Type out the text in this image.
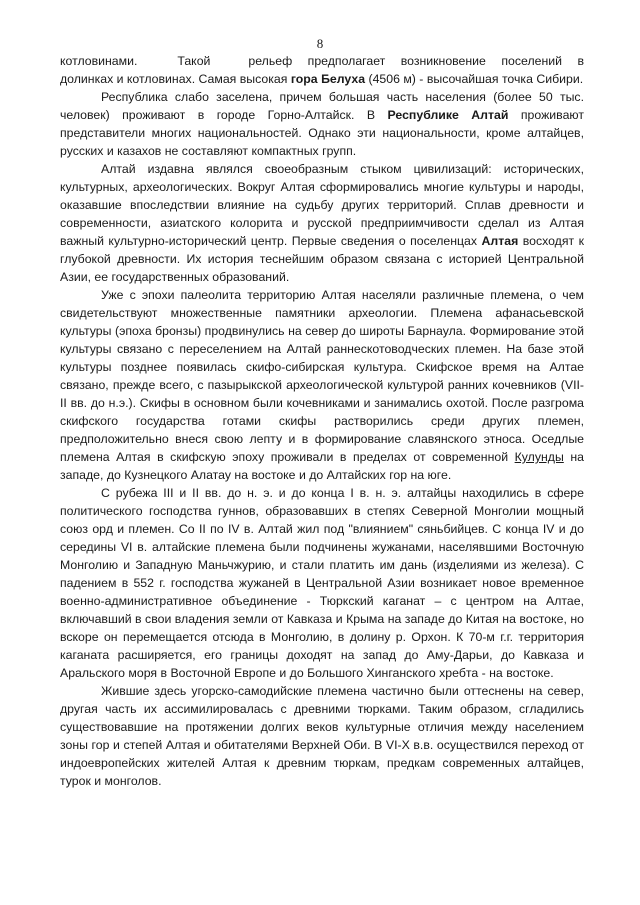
8

котловинами.	Такой	рельеф предполагает возникновение поселений в долинках и котловинах. Самая высокая гора Белуха (4506 м) - высочайшая точка Сибири.

Республика слабо заселена, причем большая часть населения (более 50 тыс. человек) проживают в городе Горно-Алтайск. В Республике Алтай проживают представители многих национальностей. Однако эти национальности, кроме алтайцев, русских и казахов не составляют компактных групп.

Алтай издавна являлся своеобразным стыком цивилизаций: исторических, культурных, археологических. Вокруг Алтая сформировались многие культуры и народы, оказавшие впоследствии влияние на судьбу других территорий. Сплав древности и современности, азиатского колорита и русской предприимчивости сделал из Алтая важный культурно-исторический центр. Первые сведения о поселенцах Алтая восходят к глубокой древности. Их история теснейшим образом связана с историей Центральной Азии, ее государственных образований.

Уже с эпохи палеолита территорию Алтая населяли различные племена, о чем свидетельствуют множественные памятники археологии. Племена афанасьевской культуры (эпоха бронзы) продвинулись на север до широты Барнаула. Формирование этой культуры связано с переселением на Алтай раннескотоводческих племен. На базе этой культуры позднее появилась скифо-сибирская культура. Скифское время на Алтае связано, прежде всего, с пазырыкской археологической культурой ранних кочевников (VII-II вв. до н.э.). Скифы в основном были кочевниками и занимались охотой. После разгрома скифского государства готами скифы растворились среди других племен, предположительно внеся свою лепту и в формирование славянского этноса. Оседлые племена Алтая в скифскую эпоху проживали в пределах от современной Кулунды на западе, до Кузнецкого Алатау на востоке и до Алтайских гор на юге.

С рубежа III и II вв. до н. э. и до конца I в. н. э. алтайцы находились в сфере политического господства гуннов, образовавших в степях Северной Монголии мощный союз орд и племен. Со II по IV в. Алтай жил под "влиянием" сяньбийцев. С конца IV и до середины VI в. алтайские племена были подчинены жужанами, населявшими Восточную Монголию и Западную Маньчжурию, и стали платить им дань (изделиями из железа). С падением в 552 г. господства жужаней в Центральной Азии возникает новое временное военно-административное объединение - Тюркский каганат – с центром на Алтае, включавший в свои владения земли от Кавказа и Крыма на западе до Китая на востоке, но вскоре он перемещается отсюда в Монголию, в долину р. Орхон. К 70-м г.г. территория каганата расширяется, его границы доходят на запад до Аму-Дарьи, до Кавказа и Аральского моря в Восточной Европе и до Большого Хинганского хребта - на востоке.

Жившие здесь угорско-самодийские племена частично были оттеснены на север, другая часть их ассимилировалась с древними тюрками. Таким образом, сгладились существовавшие на протяжении долгих веков культурные отличия между населением зоны гор и степей Алтая и обитателями Верхней Оби. В VI-X в.в. осуществился переход от индоевропейских жителей Алтая к древним тюркам, предкам современных алтайцев, турок и монголов.
